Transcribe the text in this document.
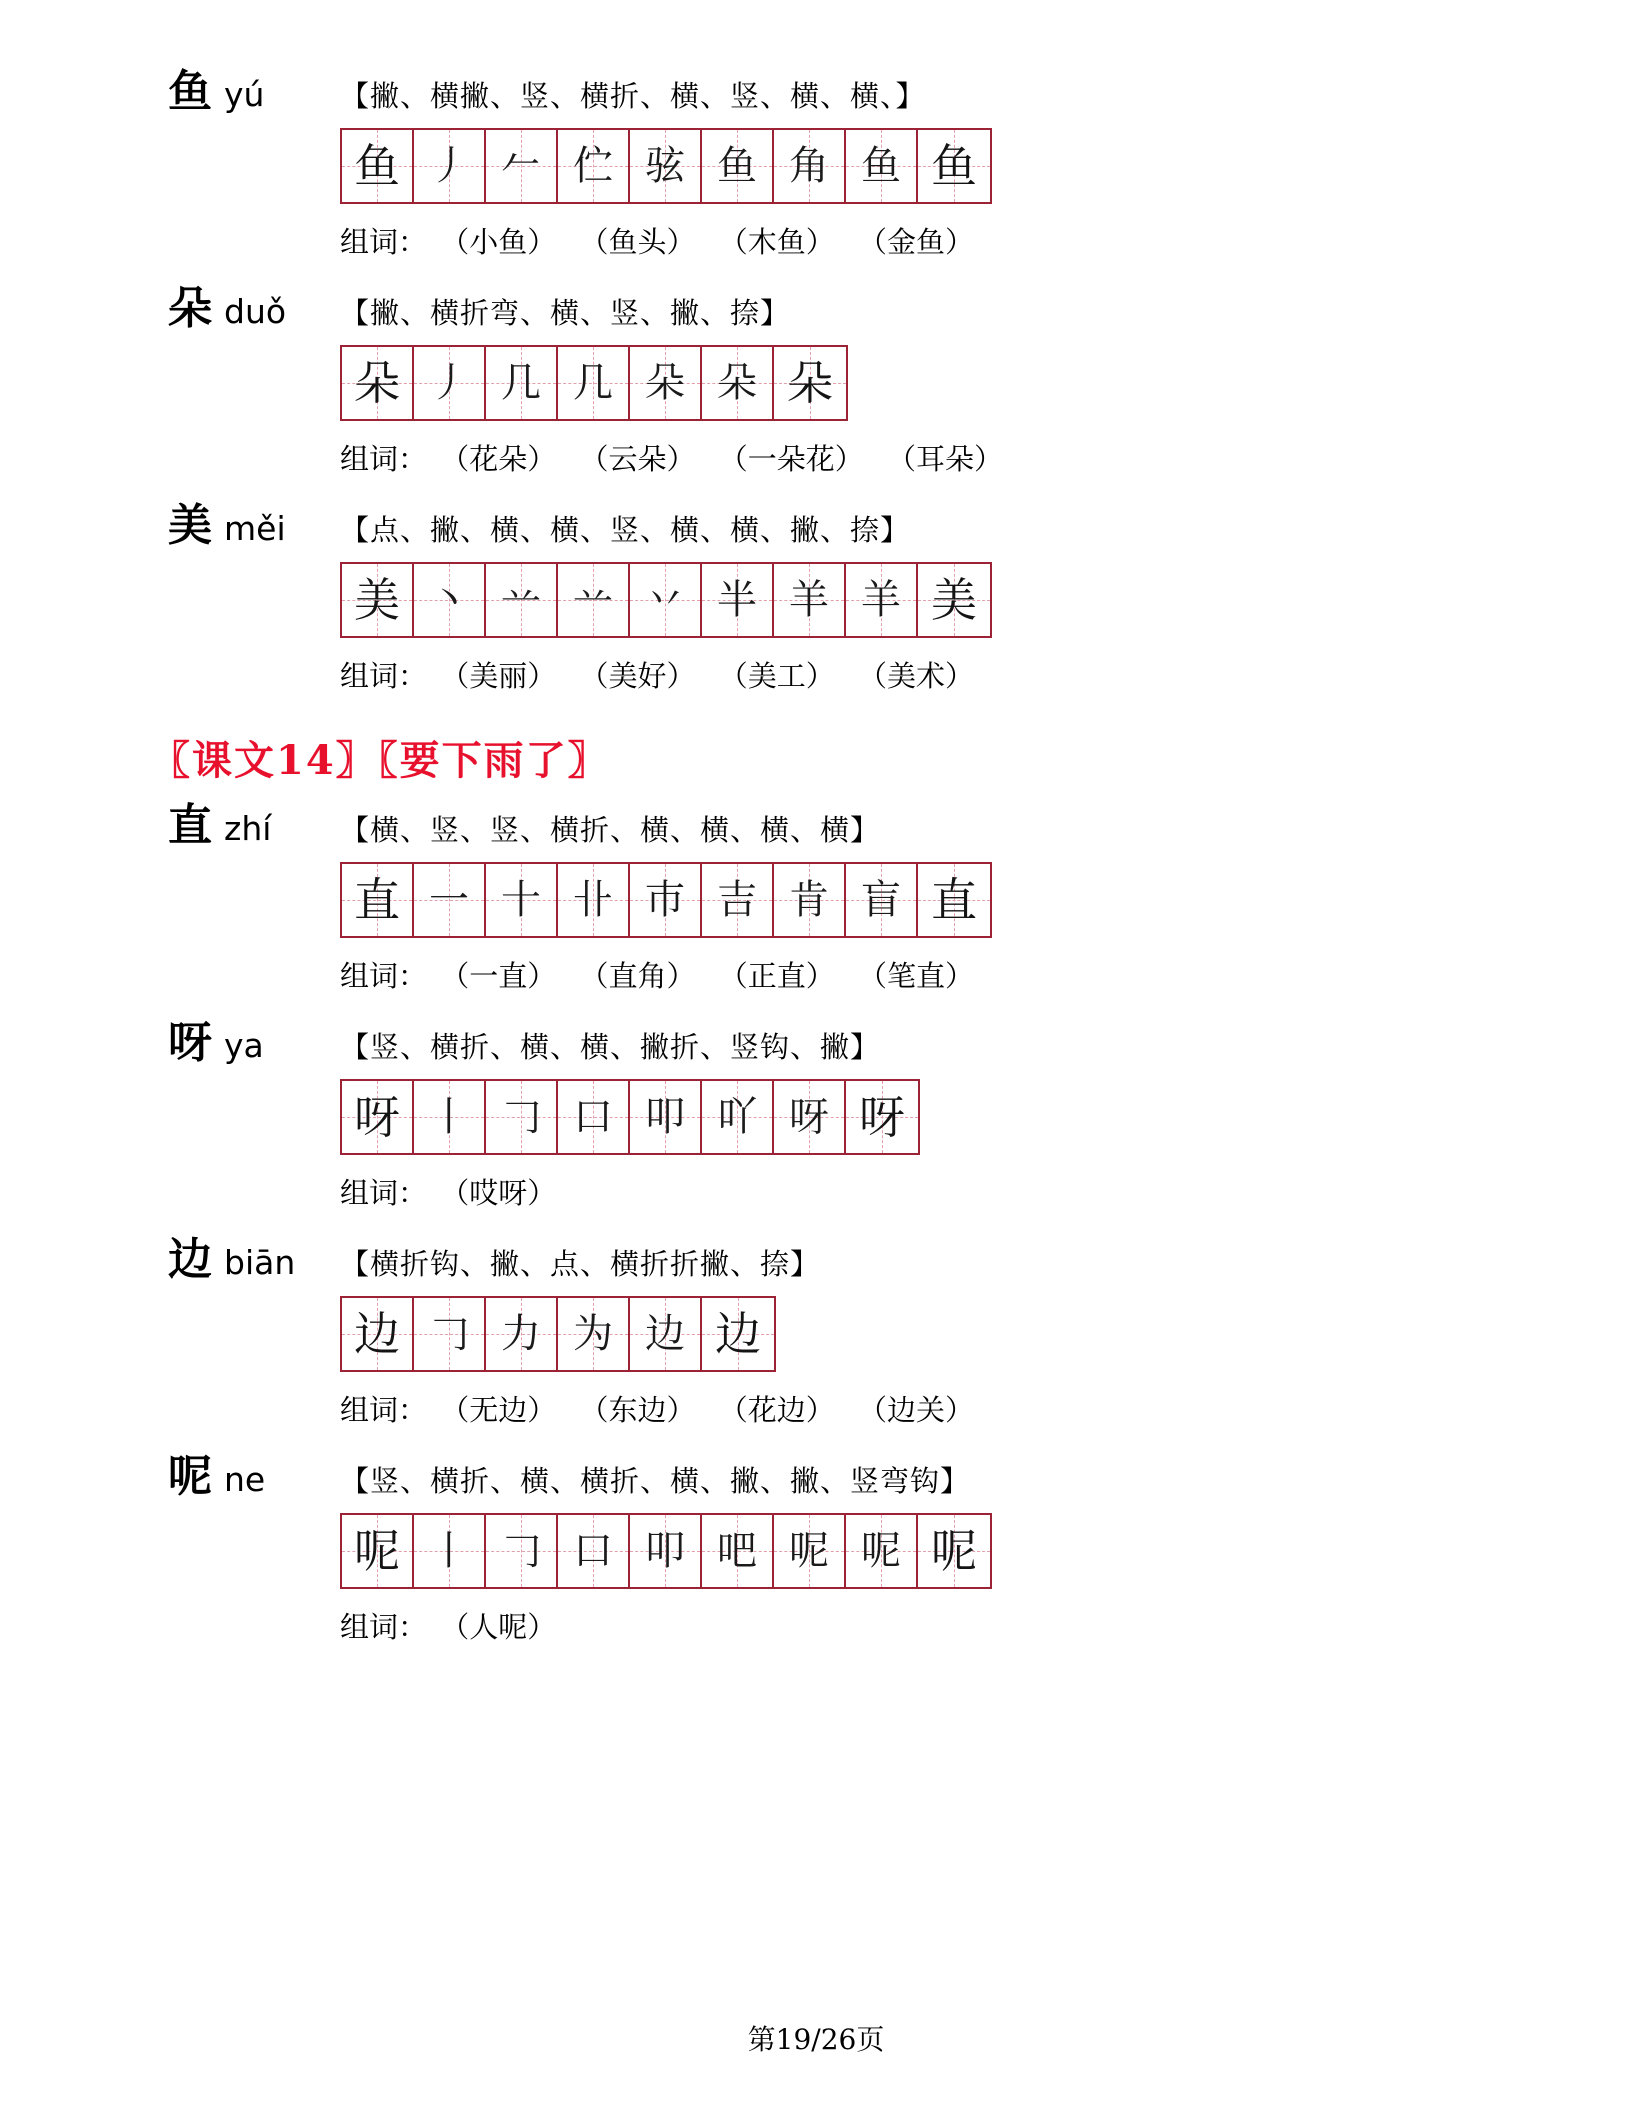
鱼 yú	【撇、横撇、竖、横折、横、竖、横、横、】
鱼 丿 𠂉 伫 𫠊 鱼 角 鱼 鱼
组词： （小鱼） （鱼头） （木鱼） （金鱼）
朵 duǒ 【撇、横折弯、横、竖、撇、捺】
朵 丿 几 几 朵 朵 朵
组词： （花朵） （云朵） （一朵花） （耳朵）
美 měi 【点、撇、横、横、竖、横、横、撇、捺】
美 丶 䒑 䒑 丷 半 羊 羊 美
组词： （美丽） （美好） （美工） （美术）
〖课文14〗〖要下雨了〗
直 zhí 【横、竖、竖、横折、横、横、横、横】
直 一 十 卝 巿 吉 肯 盲 直
组词： （一直） （直角） （正直） （笔直）
呀 ya	【竖、横折、横、横、撇折、竖钩、撇】
呀 丨 𠃌 口 叩 吖 呀 呀
组词： （哎呀）
边 biān 【横折钩、撇、点、横折折撇、捺】
边 𠃌 力 为 边 边
组词： （无边） （东边） （花边） （边关）
呢 ne	【竖、横折、横、横折、横、撇、撇、竖弯钩】
呢 丨 𠃌 口 叩 吧 呢 呢 呢
组词： （人呢）
第19/26页
